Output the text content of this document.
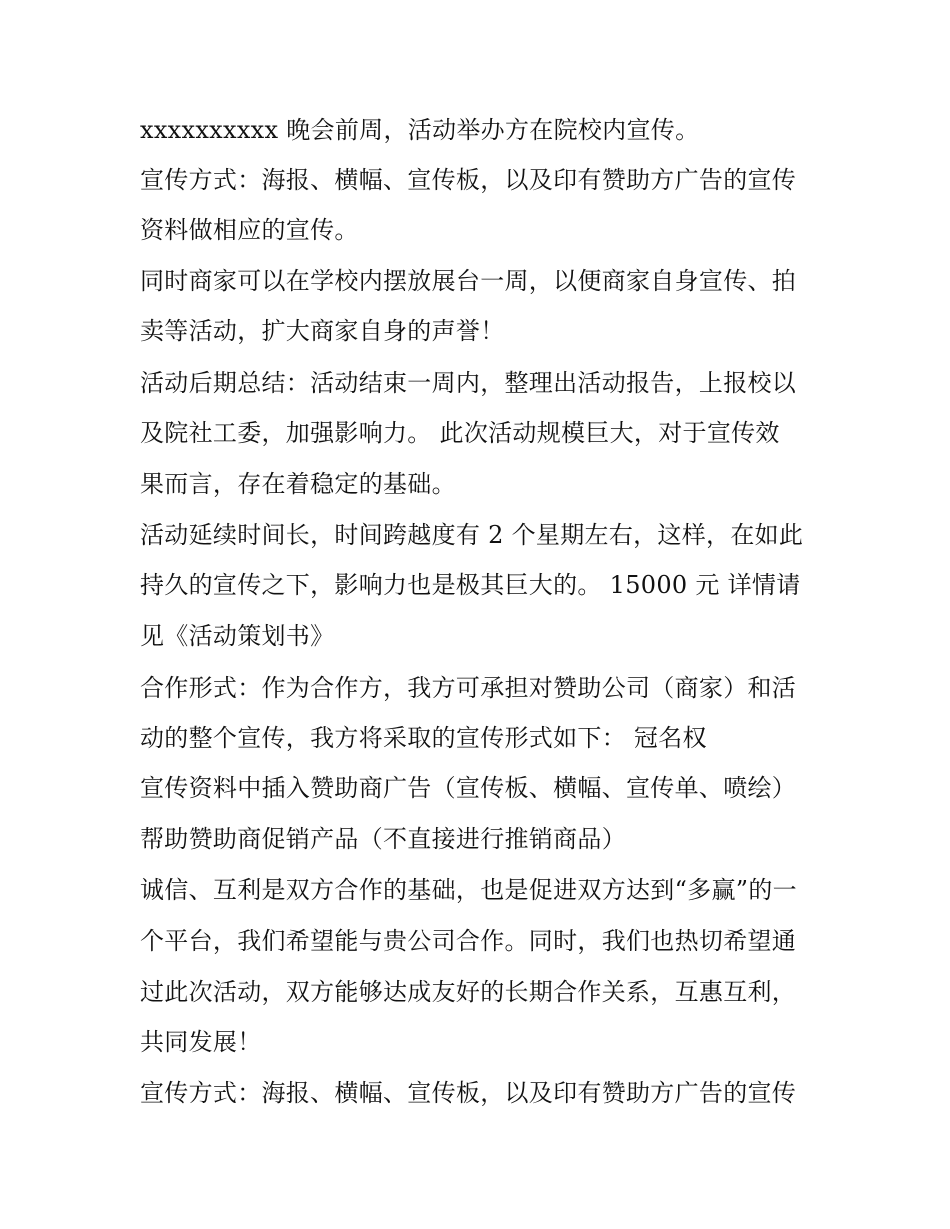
xxxxxxxxxx 晚会前周，活动举办方在院校内宣传。
宣传方式：海报、横幅、宣传板，以及印有赞助方广告的宣传
资料做相应的宣传。
同时商家可以在学校内摆放展台一周，以便商家自身宣传、拍
卖等活动，扩大商家自身的声誉！
活动后期总结：活动结束一周内，整理出活动报告，上报校以
及院社工委，加强影响力。 此次活动规模巨大，对于宣传效
果而言，存在着稳定的基础。
活动延续时间长，时间跨越度有 2 个星期左右，这样，在如此
持久的宣传之下，影响力也是极其巨大的。 15000 元 详情请
见《活动策划书》
合作形式：作为合作方，我方可承担对赞助公司（商家）和活
动的整个宣传，我方将采取的宣传形式如下： 冠名权
宣传资料中插入赞助商广告（宣传板、横幅、宣传单、喷绘）
帮助赞助商促销产品（不直接进行推销商品）
诚信、互利是双方合作的基础，也是促进双方达到“多赢”的一
个平台，我们希望能与贵公司合作。同时，我们也热切希望通
过此次活动，双方能够达成友好的长期合作关系，互惠互利，
共同发展！
宣传方式：海报、横幅、宣传板，以及印有赞助方广告的宣传
